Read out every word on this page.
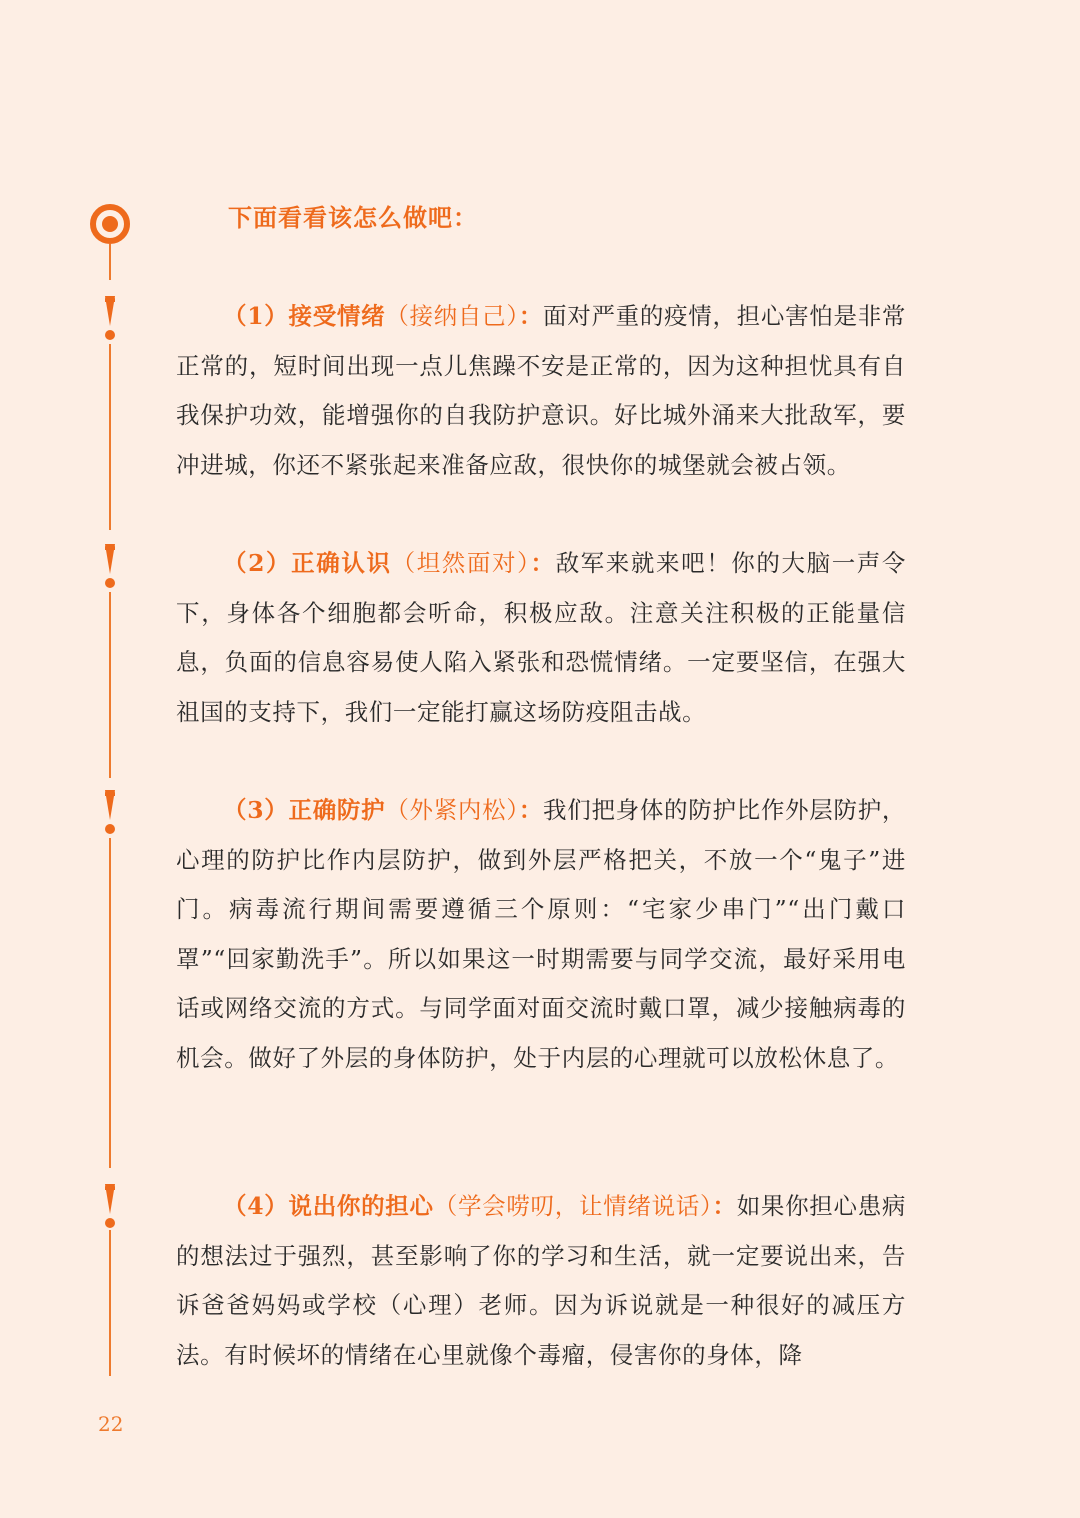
下面看看该怎么做吧：

（1）接受情绪（接纳自己）：面对严重的疫情，担心害怕是非常正常的，短时间出现一点儿焦躁不安是正常的，因为这种担忧具有自我保护功效，能增强你的自我防护意识。好比城外涌来大批敌军，要冲进城，你还不紧张起来准备应敌，很快你的城堡就会被占领。

（2）正确认识（坦然面对）：敌军来就来吧！你的大脑一声令下，身体各个细胞都会听命，积极应敌。注意关注积极的正能量信息，负面的信息容易使人陷入紧张和恐慌情绪。一定要坚信，在强大祖国的支持下，我们一定能打赢这场防疫阻击战。

（3）正确防护（外紧内松）：我们把身体的防护比作外层防护，心理的防护比作内层防护，做到外层严格把关，不放一个“鬼子”进门。病毒流行期间需要遵循三个原则：“宅家少串门”“出门戴口罩”“回家勤洗手”。所以如果这一时期需要与同学交流，最好采用电话或网络交流的方式。与同学面对面交流时戴口罩，减少接触病毒的机会。做好了外层的身体防护，处于内层的心理就可以放松休息了。

（4）说出你的担心（学会唠叨，让情绪说话）：如果你担心患病的想法过于强烈，甚至影响了你的学习和生活，就一定要说出来，告诉爸爸妈妈或学校（心理）老师。因为诉说就是一种很好的减压方法。有时候坏的情绪在心里就像个毒瘤，侵害你的身体，降

22
